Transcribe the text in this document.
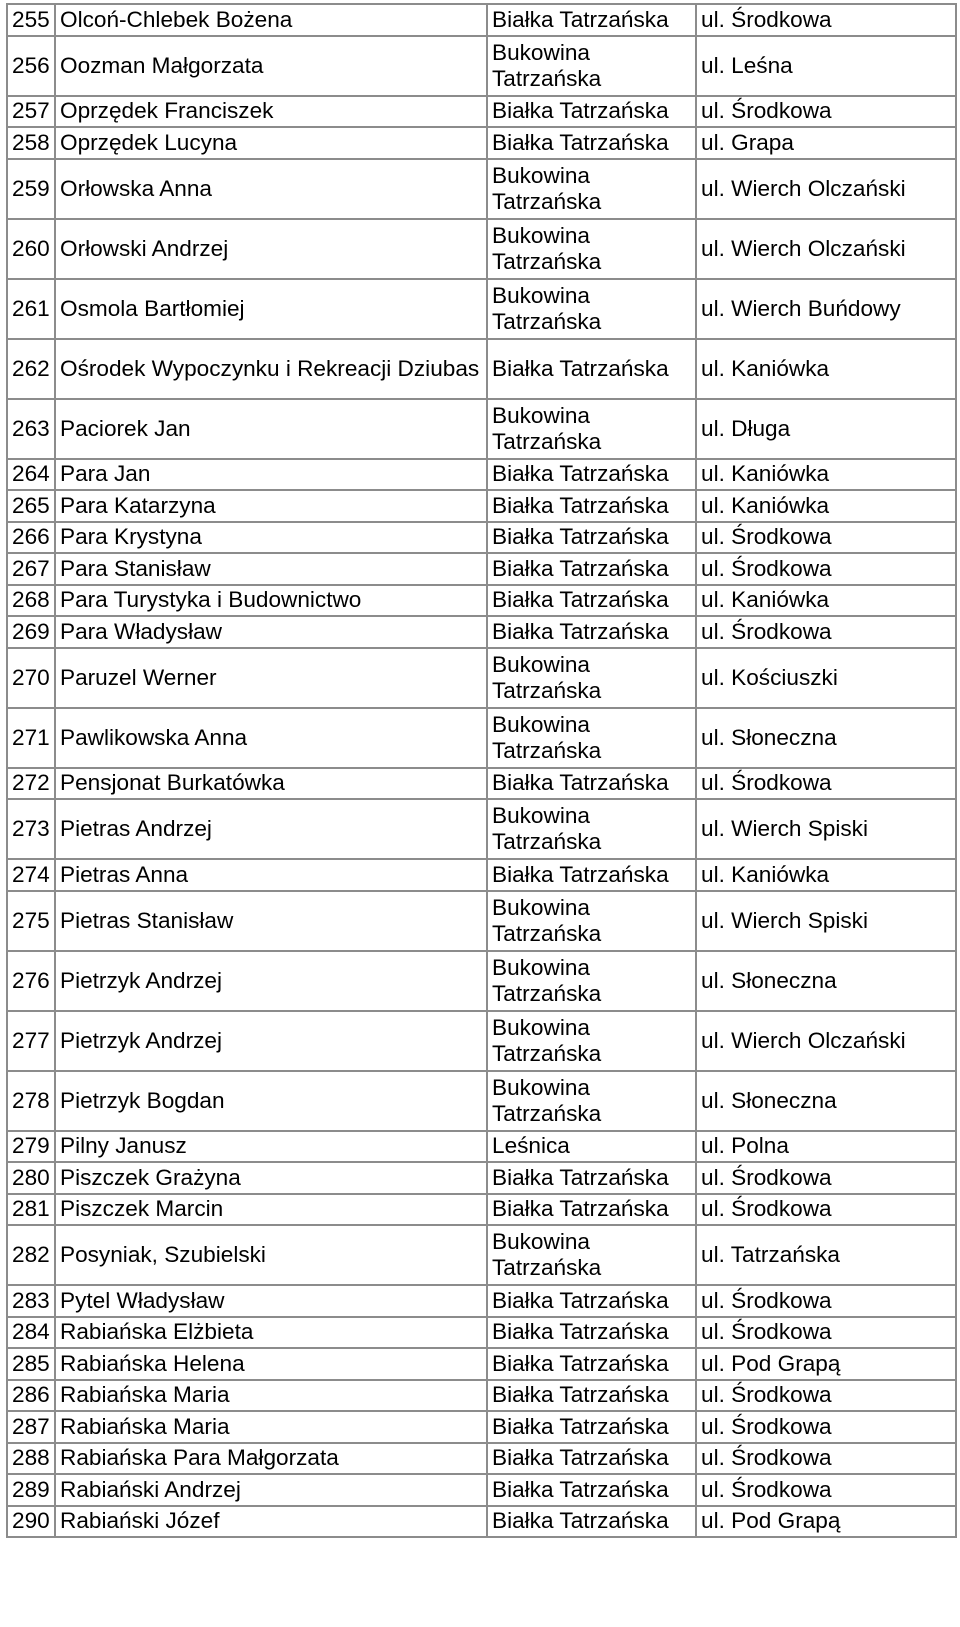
255	Olcoń-Chlebek Bożena	Białka Tatrzańska	ul. Środkowa
256	Oozman Małgorzata	Bukowina Tatrzańska	ul. Leśna
257	Oprzędek Franciszek	Białka Tatrzańska	ul. Środkowa
258	Oprzędek Lucyna	Białka Tatrzańska	ul. Grapa
259	Orłowska Anna	Bukowina Tatrzańska	ul. Wierch Olczański
260	Orłowski Andrzej	Bukowina Tatrzańska	ul. Wierch Olczański
261	Osmola Bartłomiej	Bukowina Tatrzańska	ul. Wierch Buńdowy
262	Ośrodek Wypoczynku i Rekreacji Dziubas	Białka Tatrzańska	ul. Kaniówka
263	Paciorek Jan	Bukowina Tatrzańska	ul. Długa
264	Para Jan	Białka Tatrzańska	ul. Kaniówka
265	Para Katarzyna	Białka Tatrzańska	ul. Kaniówka
266	Para Krystyna	Białka Tatrzańska	ul. Środkowa
267	Para Stanisław	Białka Tatrzańska	ul. Środkowa
268	Para Turystyka i Budownictwo	Białka Tatrzańska	ul. Kaniówka
269	Para Władysław	Białka Tatrzańska	ul. Środkowa
270	Paruzel Werner	Bukowina Tatrzańska	ul. Kościuszki
271	Pawlikowska Anna	Bukowina Tatrzańska	ul. Słoneczna
272	Pensjonat Burkatówka	Białka Tatrzańska	ul. Środkowa
273	Pietras Andrzej	Bukowina Tatrzańska	ul. Wierch Spiski
274	Pietras Anna	Białka Tatrzańska	ul. Kaniówka
275	Pietras Stanisław	Bukowina Tatrzańska	ul. Wierch Spiski
276	Pietrzyk Andrzej	Bukowina Tatrzańska	ul. Słoneczna
277	Pietrzyk Andrzej	Bukowina Tatrzańska	ul. Wierch Olczański
278	Pietrzyk Bogdan	Bukowina Tatrzańska	ul. Słoneczna
279	Pilny Janusz	Leśnica	ul. Polna
280	Piszczek Grażyna	Białka Tatrzańska	ul. Środkowa
281	Piszczek Marcin	Białka Tatrzańska	ul. Środkowa
282	Posyniak, Szubielski	Bukowina Tatrzańska	ul. Tatrzańska
283	Pytel Władysław	Białka Tatrzańska	ul. Środkowa
284	Rabiańska Elżbieta	Białka Tatrzańska	ul. Środkowa
285	Rabiańska Helena	Białka Tatrzańska	ul. Pod Grapą
286	Rabiańska Maria	Białka Tatrzańska	ul. Środkowa
287	Rabiańska Maria	Białka Tatrzańska	ul. Środkowa
288	Rabiańska Para Małgorzata	Białka Tatrzańska	ul. Środkowa
289	Rabiański Andrzej	Białka Tatrzańska	ul. Środkowa
290	Rabiański Józef	Białka Tatrzańska	ul. Pod Grapą
